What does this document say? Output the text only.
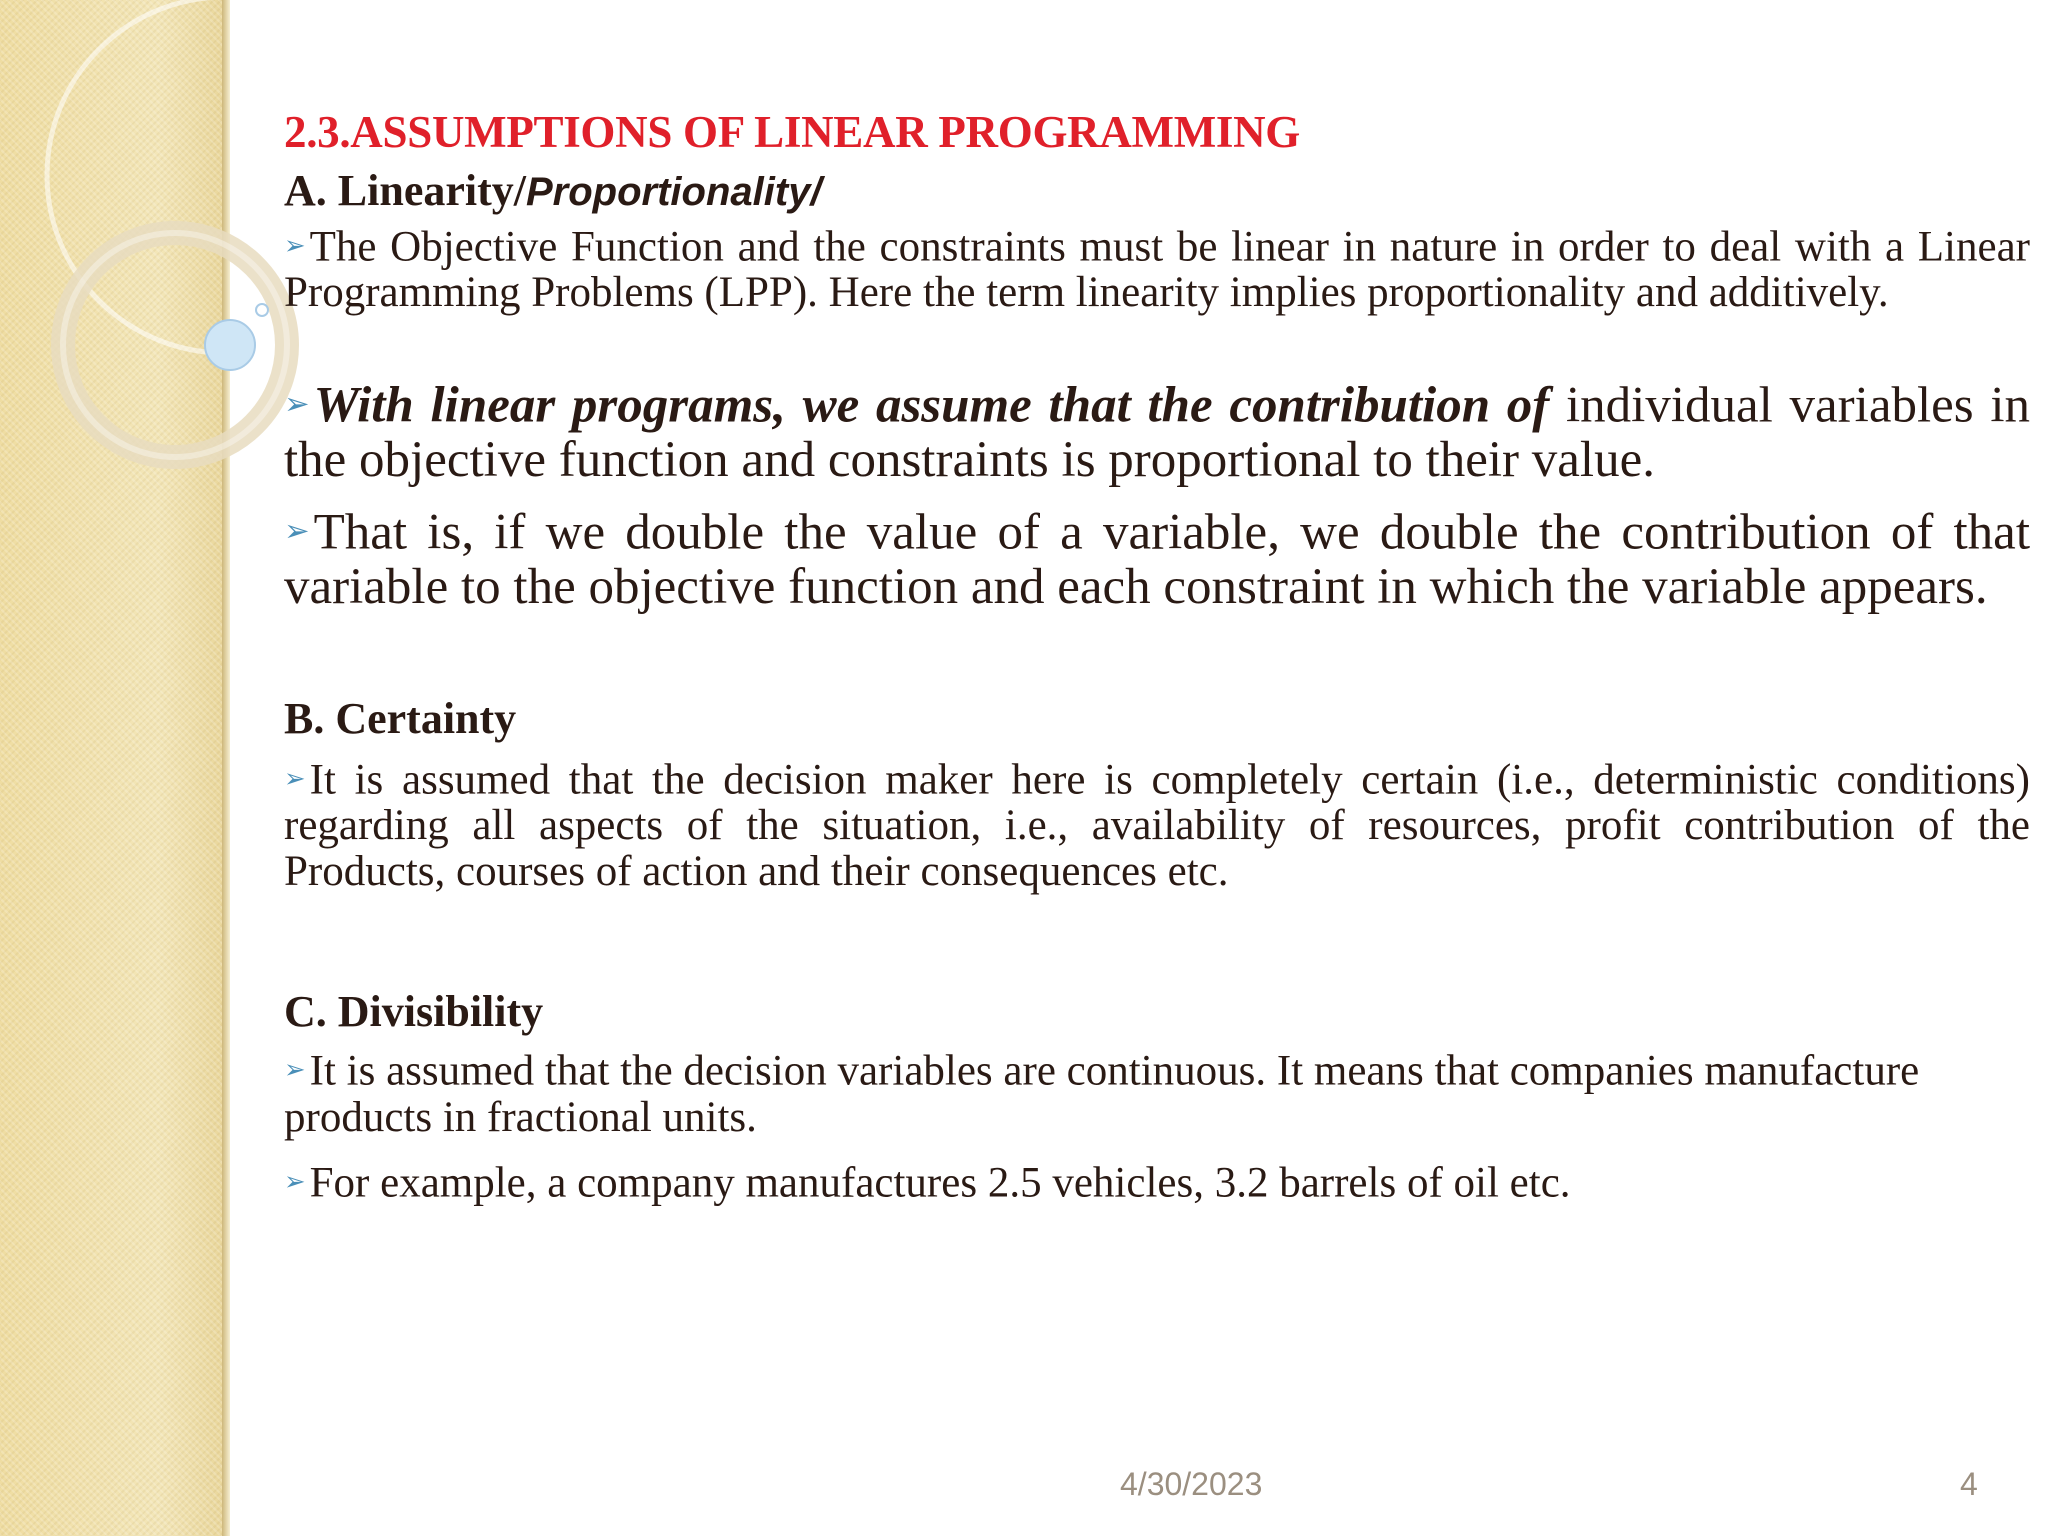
2.3.ASSUMPTIONS OF LINEAR PROGRAMMING

A. Linearity/Proportionality/

➢The Objective Function and the constraints must be linear in nature in order to deal with a Linear Programming Problems (LPP). Here the term linearity implies proportionality and additively.

➢With linear programs, we assume that the contribution of individual variables in the objective function and constraints is proportional to their value.

➢That is, if we double the value of a variable, we double the contribution of that variable to the objective function and each constraint in which the variable appears.

B. Certainty

➢It is assumed that the decision maker here is completely certain (i.e., deterministic conditions) regarding all aspects of the situation, i.e., availability of resources, profit contribution of the Products, courses of action and their consequences etc.

C. Divisibility

➢It is assumed that the decision variables are continuous. It means that companies manufacture products in fractional units.

➢For example, a company manufactures 2.5 vehicles, 3.2 barrels of oil etc.

4/30/2023	4
